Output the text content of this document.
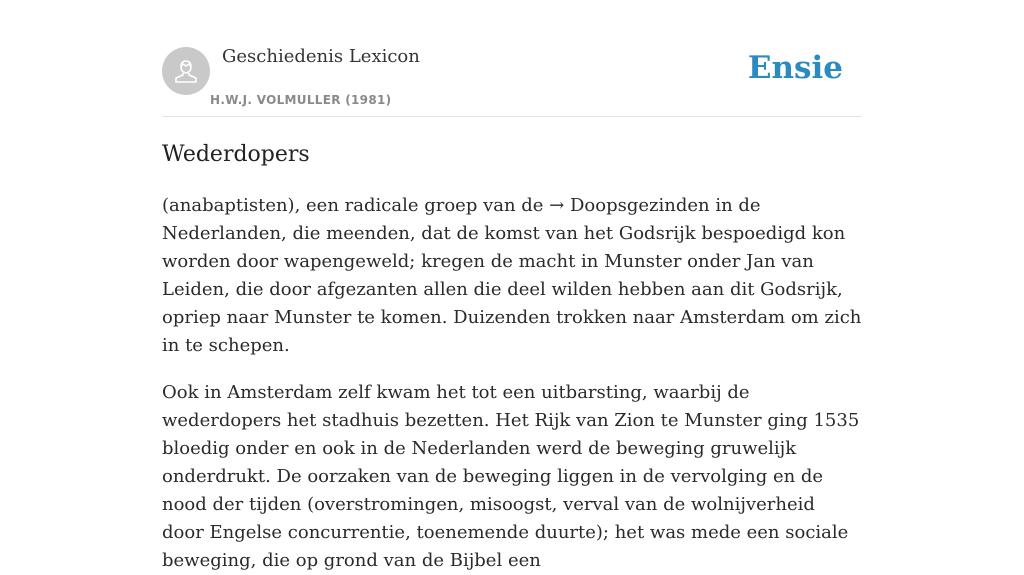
Geschiedenis Lexicon
H.W.J. VOLMULLER (1981)
Ensie
Wederdopers

(anabaptisten), een radicale groep van de → Doopsgezinden in de Nederlanden, die meenden, dat de komst van het Godsrijk bespoedigd kon worden door wapengeweld; kregen de macht in Munster onder Jan van Leiden, die door afgezanten allen die deel wilden hebben aan dit Godsrijk, opriep naar Munster te komen. Duizenden trokken naar Amsterdam om zich in te schepen.

Ook in Amsterdam zelf kwam het tot een uitbarsting, waarbij de wederdopers het stadhuis bezetten. Het Rijk van Zion te Munster ging 1535 bloedig onder en ook in de Nederlanden werd de beweging gruwelijk onderdrukt. De oorzaken van de beweging liggen in de vervolging en de nood der tijden (overstromingen, misoogst, verval van de wolnijverheid door Engelse concurrentie, toenemende duurte); het was mede een sociale beweging, die op grond van de Bijbel een
